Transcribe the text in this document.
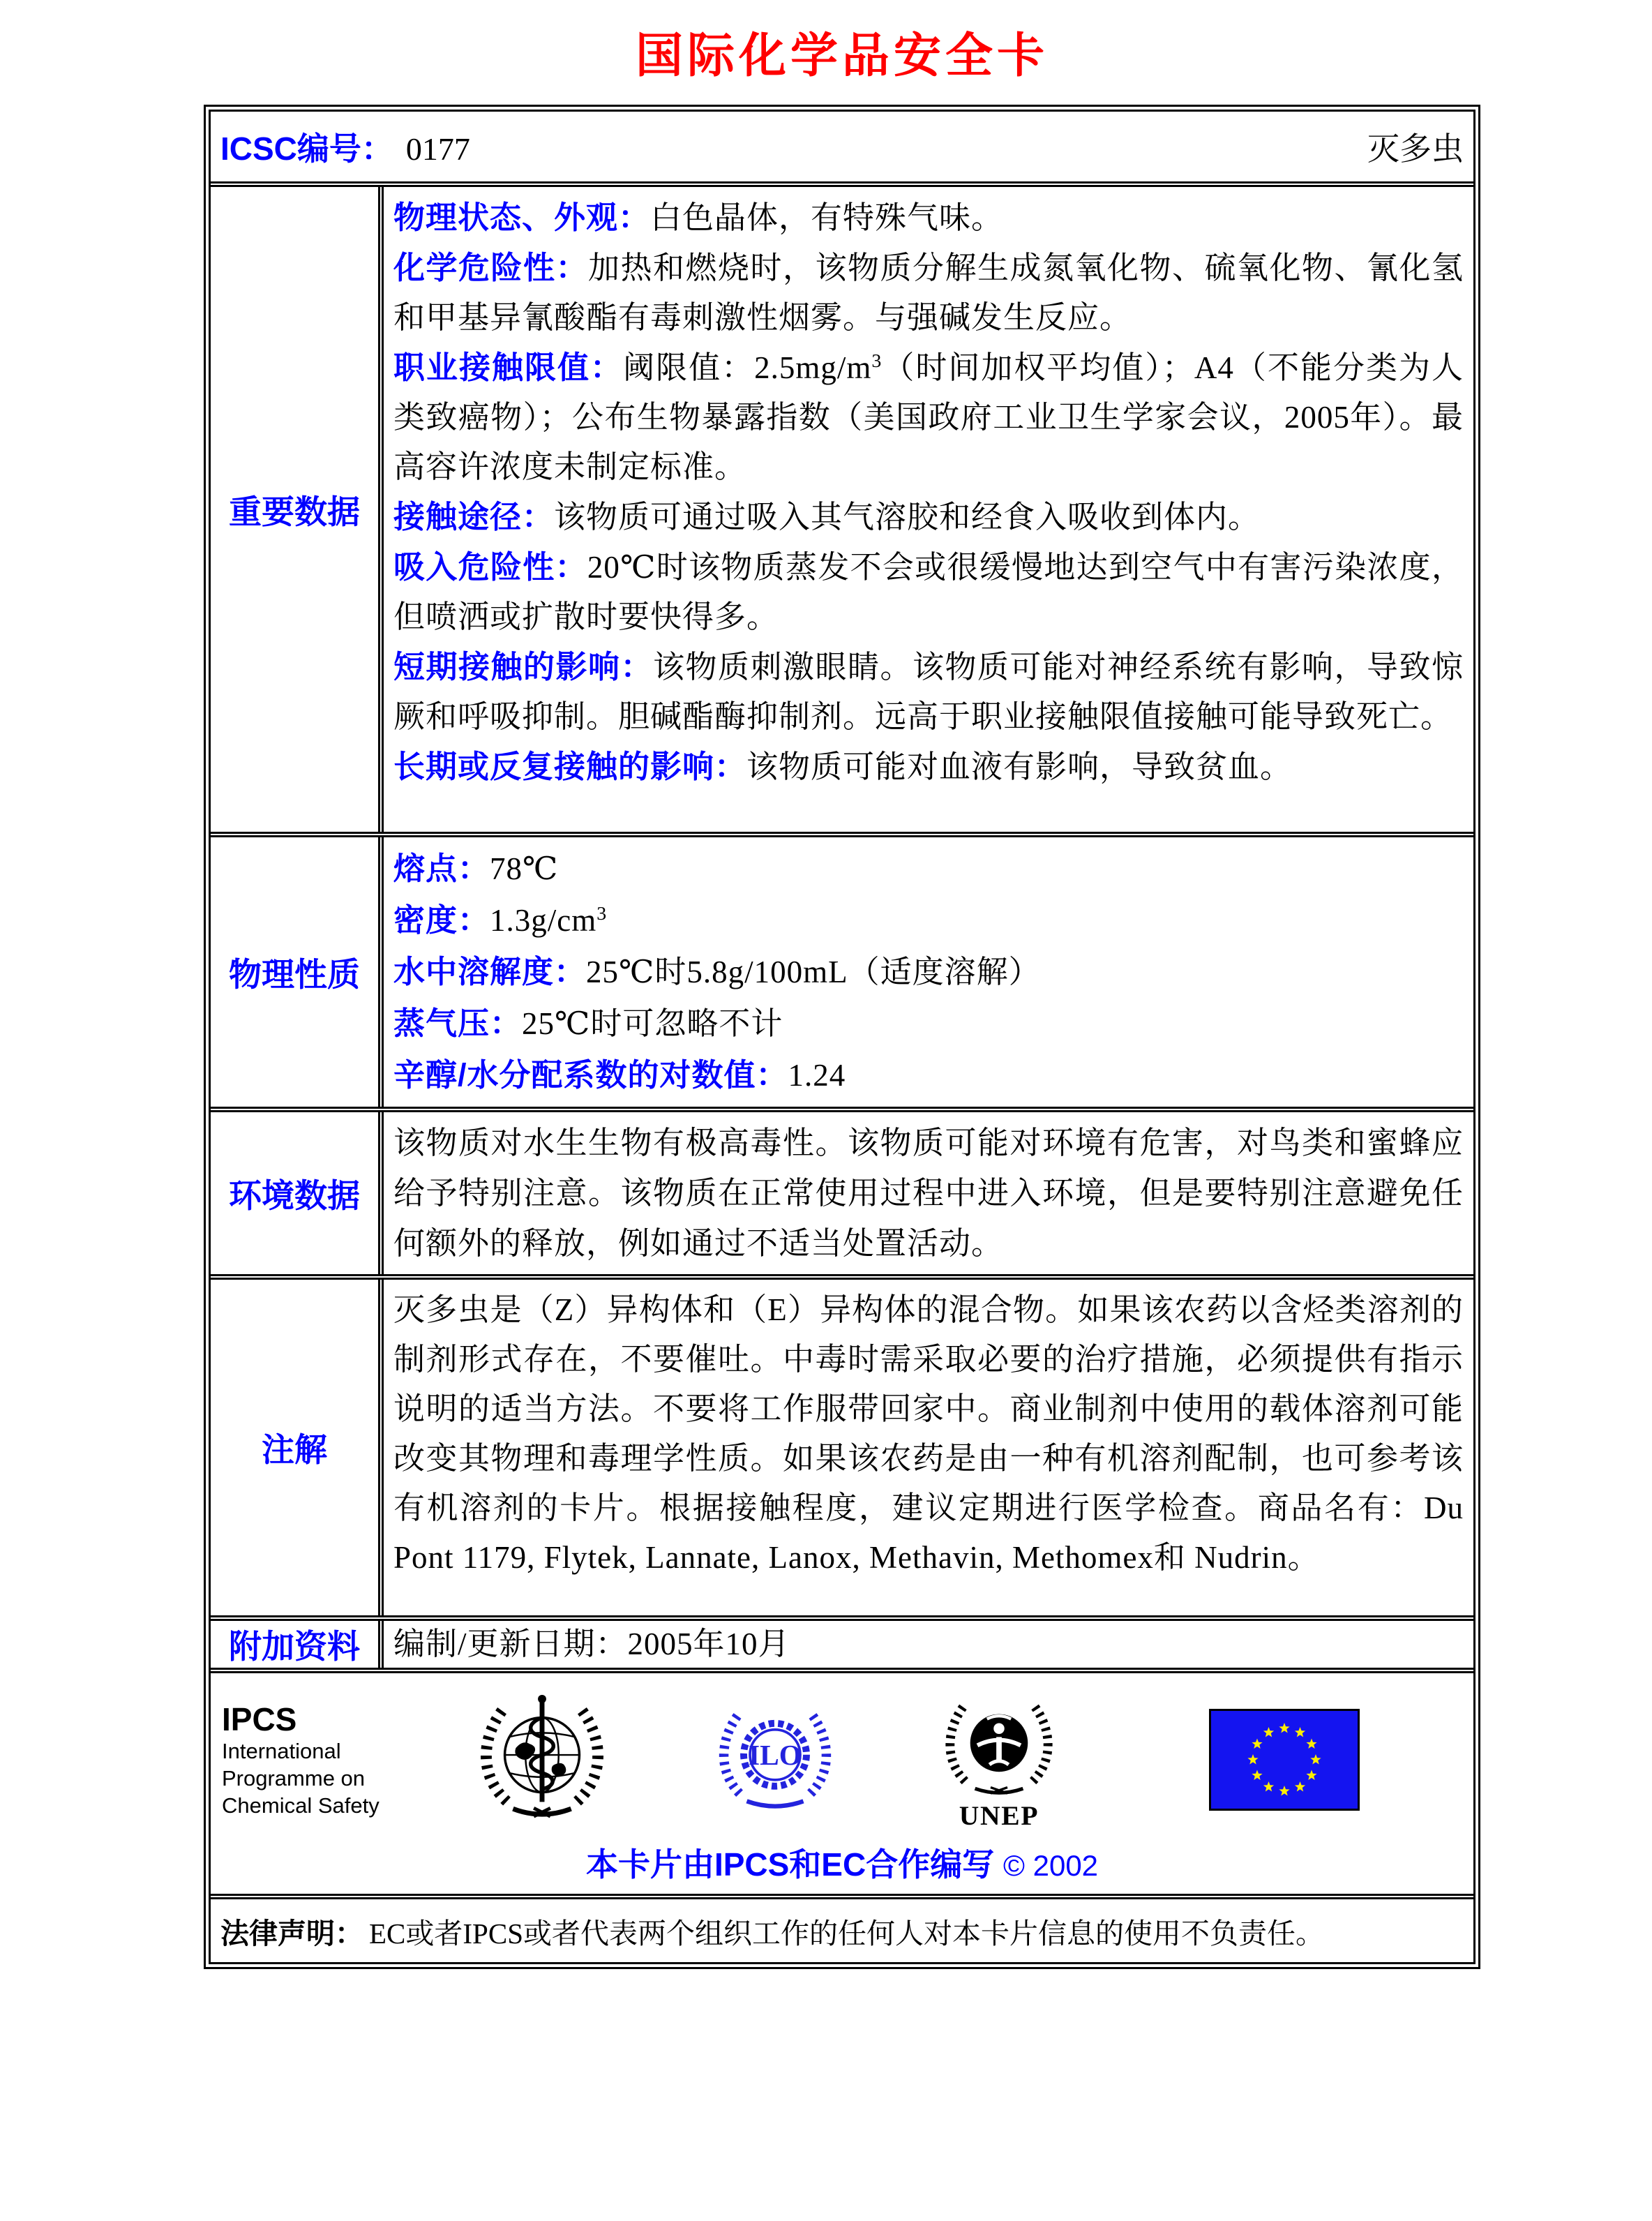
国际化学品安全卡
ICSC编号： 0177	灭多虫
重要数据

物理状态、外观：白色晶体，有特殊气味。

化学危险性：加热和燃烧时，该物质分解生成氮氧化物、硫氧化物、氰化氢和甲基异氰酸酯有毒刺激性烟雾。与强碱发生反应。

职业接触限值：阈限值：$2.5mg/m^3$（时间加权平均值）；A4（不能分类为人类致癌物）；公布生物暴露指数（美国政府工业卫生学家会议，2005年）。最高容许浓度未制定标准。

接触途径：该物质可通过吸入其气溶胶和经食入吸收到体内。

吸入危险性：20℃时该物质蒸发不会或很缓慢地达到空气中有害污染浓度，但喷洒或扩散时要快得多。

短期接触的影响：该物质刺激眼睛。该物质可能对神经系统有影响，导致惊厥和呼吸抑制。胆碱酯酶抑制剂。远高于职业接触限值接触可能导致死亡。

长期或反复接触的影响：该物质可能对血液有影响，导致贫血。

物理性质

熔点：78℃

密度：$1.3g/cm^3$

水中溶解度：25℃时5.8g/100mL（适度溶解）

蒸气压：25℃时可忽略不计

辛醇/水分配系数的对数值：1.24

环境数据
该物质对水生生物有极高毒性。该物质可能对环境有危害，对鸟类和蜜蜂应给予特别注意。该物质在正常使用过程中进入环境，但是要特别注意避免任何额外的释放，例如通过不适当处置活动。
注解
灭多虫是（Z）异构体和（E）异构体的混合物。如果该农药以含烃类溶剂的制剂形式存在，不要催吐。中毒时需采取必要的治疗措施，必须提供有指示说明的适当方法。不要将工作服带回家中。商业制剂中使用的载体溶剂可能改变其物理和毒理学性质。如果该农药是由一种有机溶剂配制，也可参考该有机溶剂的卡片。根据接触程度，建议定期进行医学检查。商品名有：Du Pont 1179, Flytek, Lannate, Lanox, Methavin, Methomex和 Nudrin。
附加资料	编制/更新日期：2005年10月
IPCS
International
Programme on
Chemical Safety
ILO
UNEP
本卡片由IPCS和EC合作编写 © 2002
法律声明： EC或者IPCS或者代表两个组织工作的任何人对本卡片信息的使用不负责任。
